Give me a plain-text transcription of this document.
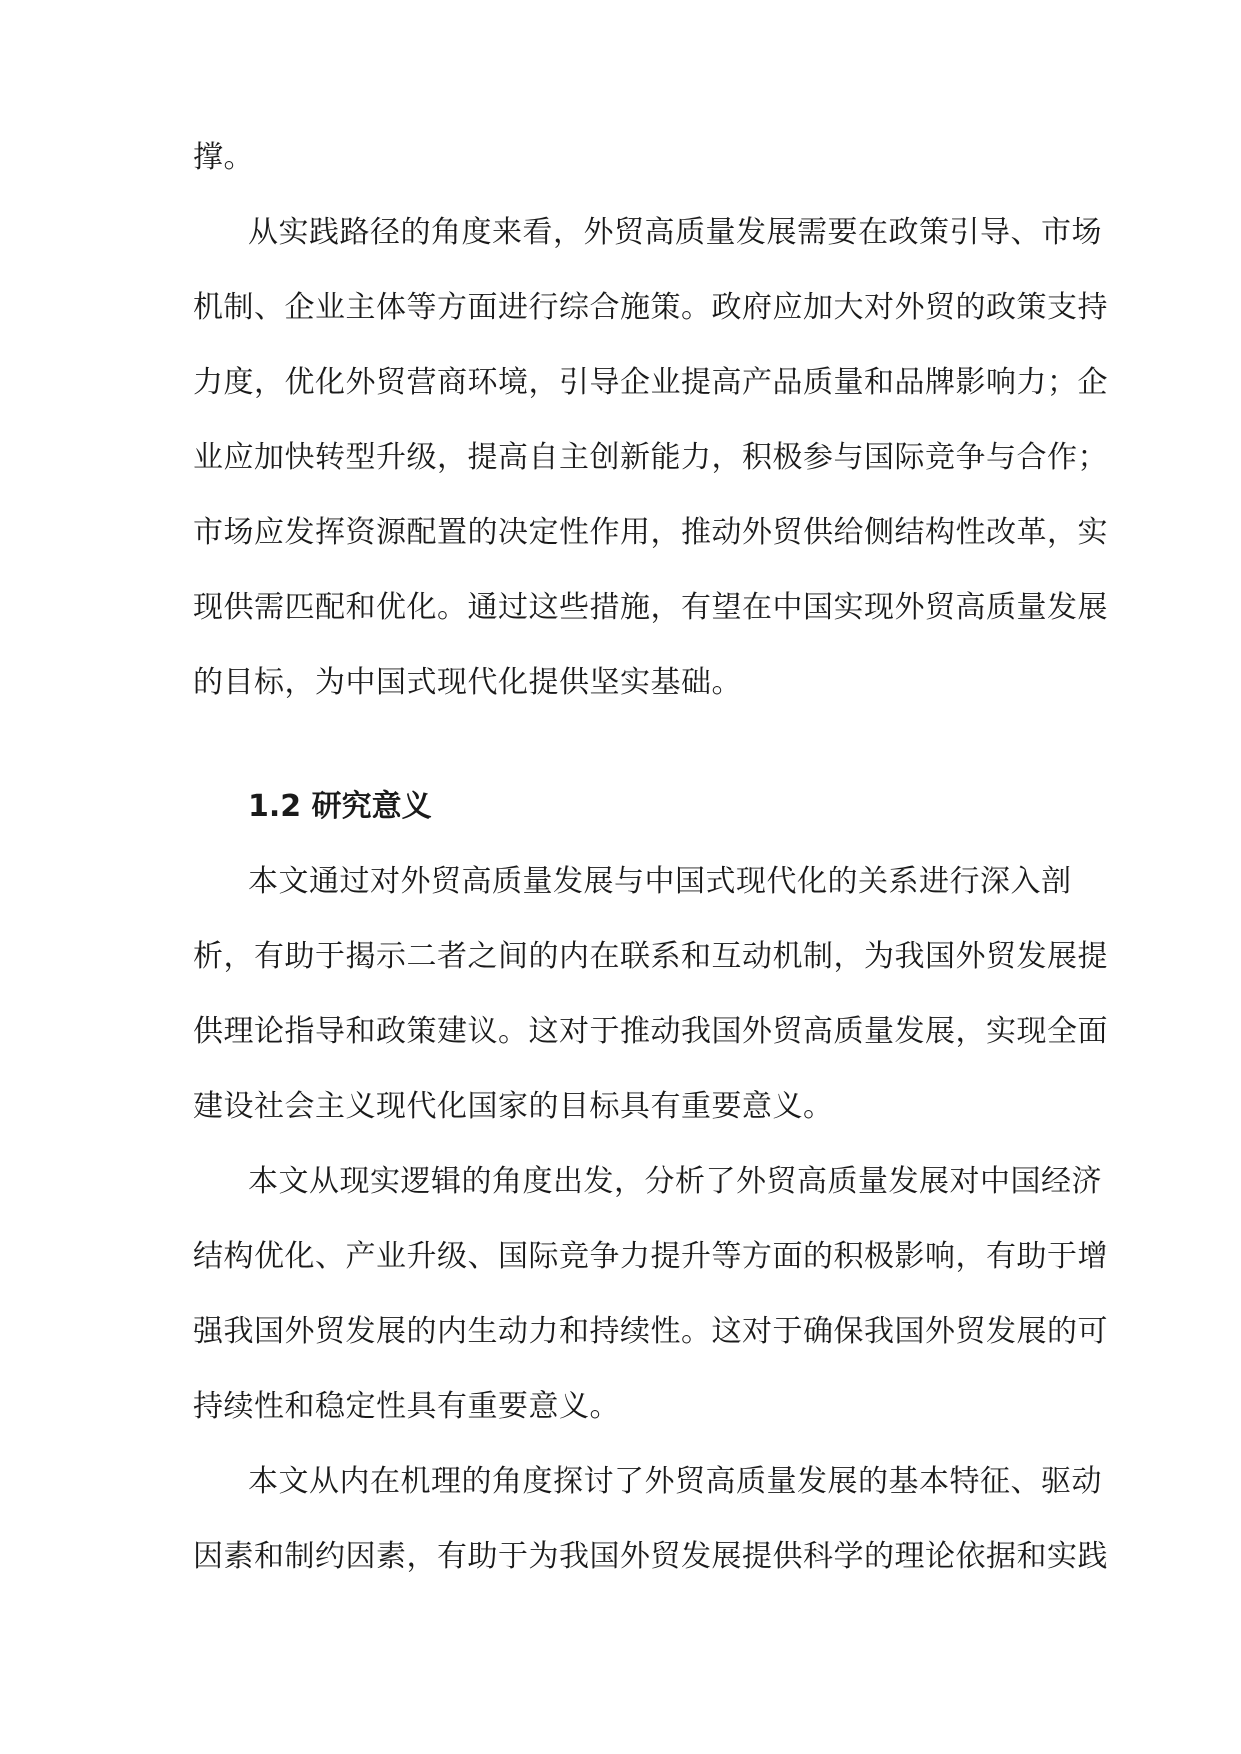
撑。
从实践路径的角度来看，外贸高质量发展需要在政策引导、市场
机制、企业主体等方面进行综合施策。政府应加大对外贸的政策支持
力度，优化外贸营商环境，引导企业提高产品质量和品牌影响力；企
业应加快转型升级，提高自主创新能力，积极参与国际竞争与合作；
市场应发挥资源配置的决定性作用，推动外贸供给侧结构性改革，实
现供需匹配和优化。通过这些措施，有望在中国实现外贸高质量发展
的目标，为中国式现代化提供坚实基础。
1.2 研究意义
本文通过对外贸高质量发展与中国式现代化的关系进行深入剖
析，有助于揭示二者之间的内在联系和互动机制，为我国外贸发展提
供理论指导和政策建议。这对于推动我国外贸高质量发展，实现全面
建设社会主义现代化国家的目标具有重要意义。
本文从现实逻辑的角度出发，分析了外贸高质量发展对中国经济
结构优化、产业升级、国际竞争力提升等方面的积极影响，有助于增
强我国外贸发展的内生动力和持续性。这对于确保我国外贸发展的可
持续性和稳定性具有重要意义。
本文从内在机理的角度探讨了外贸高质量发展的基本特征、驱动
因素和制约因素，有助于为我国外贸发展提供科学的理论依据和实践
